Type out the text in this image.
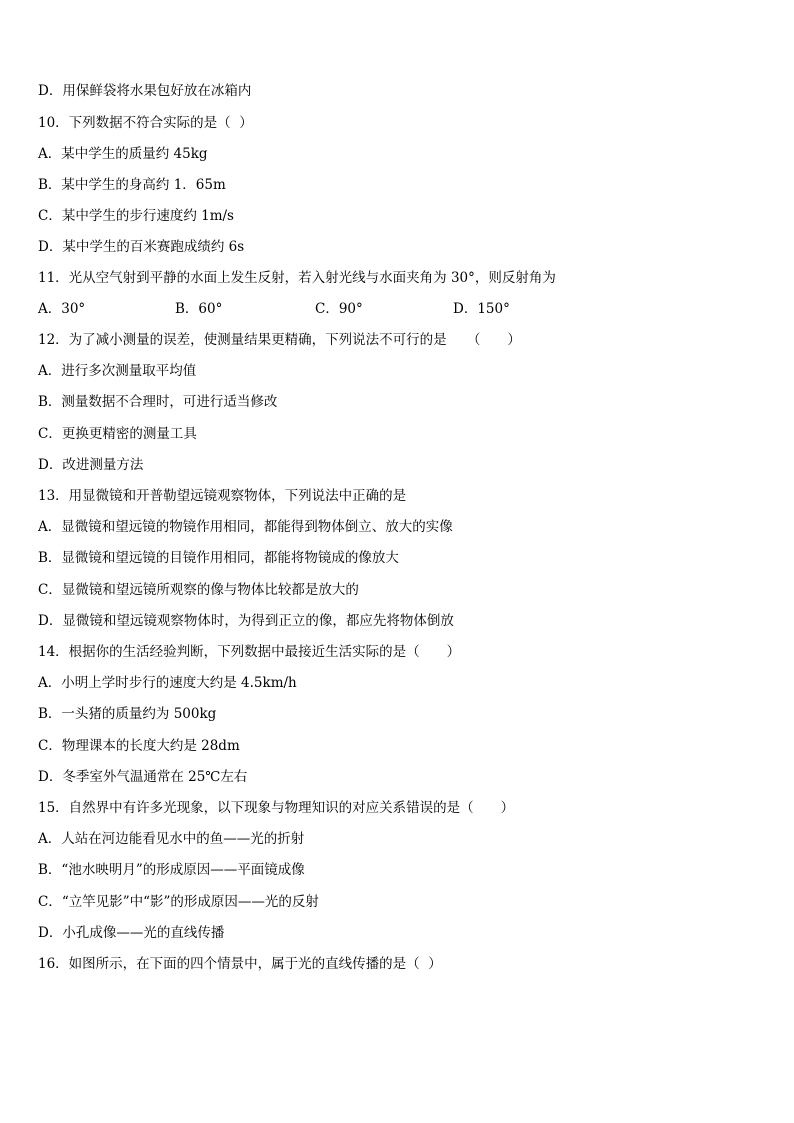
D．用保鲜袋将水果包好放在冰箱内
10．下列数据不符合实际的是（  ）
A．某中学生的质量约 45kg
B．某中学生的身高约 1．65m
C．某中学生的步行速度约 1m/s
D．某中学生的百米赛跑成绩约 6s
11．光从空气射到平静的水面上发生反射，若入射光线与水面夹角为 30°，则反射角为
A．30°	B．60°	C．90°	D．150°
12．为了减小测量的误差，使测量结果更精确，下列说法不可行的是　　（　　）
A．进行多次测量取平均值
B．测量数据不合理时，可进行适当修改
C．更换更精密的测量工具
D．改进测量方法
13．用显微镜和开普勒望远镜观察物体，下列说法中正确的是
A．显微镜和望远镜的物镜作用相同，都能得到物体倒立、放大的实像
B．显微镜和望远镜的目镜作用相同，都能将物镜成的像放大
C．显微镜和望远镜所观察的像与物体比较都是放大的
D．显微镜和望远镜观察物体时，为得到正立的像，都应先将物体倒放
14．根据你的生活经验判断，下列数据中最接近生活实际的是（　　）
A．小明上学时步行的速度大约是 4.5km/h
B．一头猪的质量约为 500kg
C．物理课本的长度大约是 28dm
D．冬季室外气温通常在 25℃左右
15．自然界中有许多光现象，以下现象与物理知识的对应关系错误的是（　　）
A．人站在河边能看见水中的鱼——光的折射
B．“池水映明月”的形成原因——平面镜成像
C．“立竿见影”中“影”的形成原因——光的反射
D．小孔成像——光的直线传播
16．如图所示，在下面的四个情景中，属于光的直线传播的是（  ）
